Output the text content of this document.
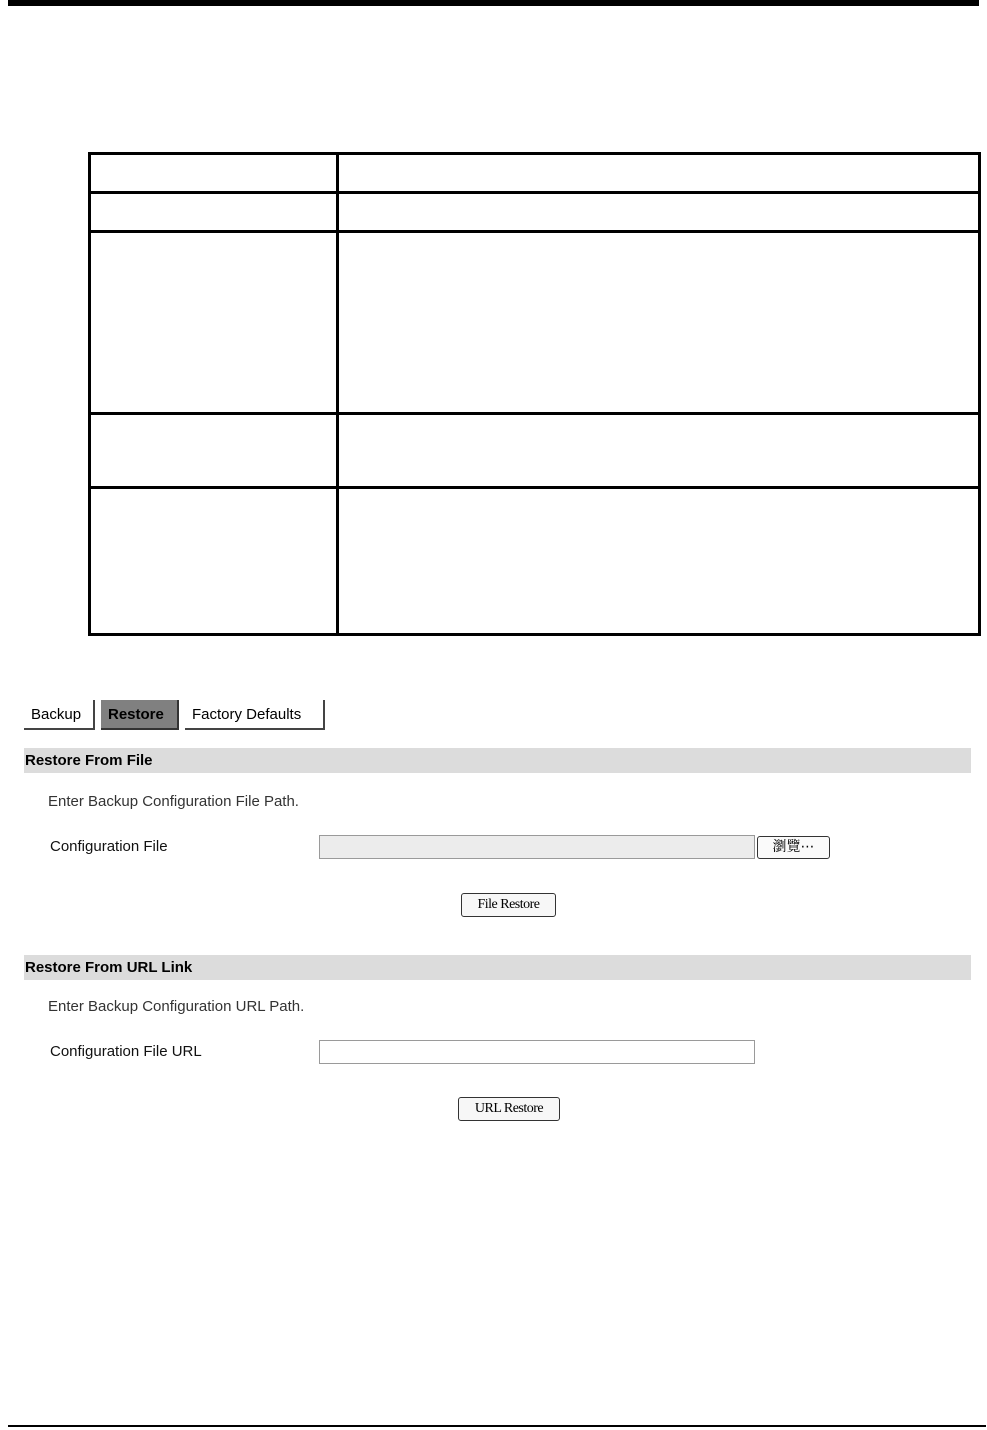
Backup	Restore	Factory Defaults
Restore From File
Enter Backup Configuration File Path.
Configuration File	瀏覽⋯
File Restore
Restore From URL Link
Enter Backup Configuration URL Path.
Configuration File URL
URL Restore
